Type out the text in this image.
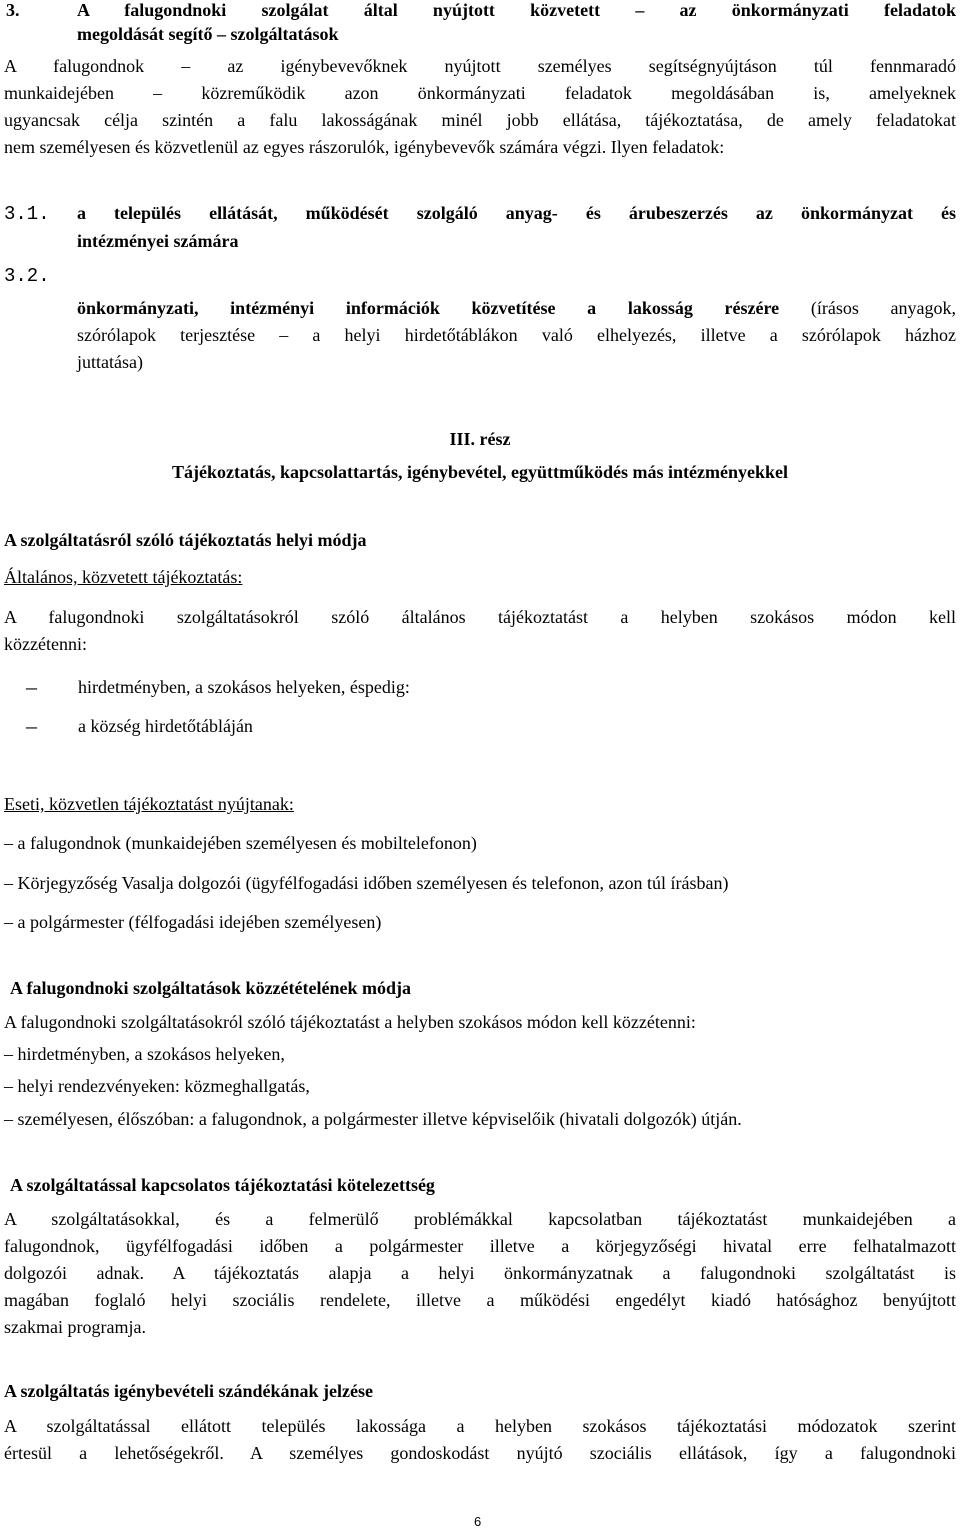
3.	A falugondnoki szolgálat által nyújtott közvetett – az önkormányzati feladatok
megoldását segítő – szolgáltatások
A falugondnok – az igénybevevőknek nyújtott személyes segítségnyújtáson túl fennmaradó
munkaidejében – közreműködik azon önkormányzati feladatok megoldásában is, amelyeknek
ugyancsak célja szintén a falu lakosságának minél jobb ellátása, tájékoztatása, de amely feladatokat
nem személyesen és közvetlenül az egyes rászorulók, igénybevevők számára végzi. Ilyen feladatok:
3.1. a település ellátását, működését szolgáló anyag- és árubeszerzés az önkormányzat és
intézményei számára
3.2.
önkormányzati, intézményi információk közvetítése a lakosság részére (írásos anyagok,
szórólapok terjesztése – a helyi hirdetőtáblákon való elhelyezés, illetve a szórólapok házhoz
juttatása)
III. rész
Tájékoztatás, kapcsolattartás, igénybevétel, együttműködés más intézményekkel
A szolgáltatásról szóló tájékoztatás helyi módja
Általános, közvetett tájékoztatás:
A falugondnoki szolgáltatásokról szóló általános tájékoztatást a helyben szokásos módon kell
közzétenni:
– hirdetményben, a szokásos helyeken, éspedig:
– a község hirdetőtábláján
Eseti, közvetlen tájékoztatást nyújtanak:
– a falugondnok (munkaidejében személyesen és mobiltelefonon)
– Körjegyzőség Vasalja dolgozói (ügyfélfogadási időben személyesen és telefonon, azon túl írásban)
– a polgármester (félfogadási idejében személyesen)
A falugondnoki szolgáltatások közzétételének módja
A falugondnoki szolgáltatásokról szóló tájékoztatást a helyben szokásos módon kell közzétenni:
– hirdetményben, a szokásos helyeken,
– helyi rendezvényeken: közmeghallgatás,
– személyesen, élőszóban: a falugondnok, a polgármester illetve képviselőik (hivatali dolgozók) útján.
A szolgáltatással kapcsolatos tájékoztatási kötelezettség
A szolgáltatásokkal, és a felmerülő problémákkal kapcsolatban tájékoztatást munkaidejében a
falugondnok, ügyfélfogadási időben a polgármester illetve a körjegyzőségi hivatal erre felhatalmazott
dolgozói adnak. A tájékoztatás alapja a helyi önkormányzatnak a falugondnoki szolgáltatást is
magában foglaló helyi szociális rendelete, illetve a működési engedélyt kiadó hatósághoz benyújtott
szakmai programja.
A szolgáltatás igénybevételi szándékának jelzése
A szolgáltatással ellátott település lakossága a helyben szokásos tájékoztatási módozatok szerint
értesül a lehetőségekről. A személyes gondoskodást nyújtó szociális ellátások, így a falugondnoki
6
